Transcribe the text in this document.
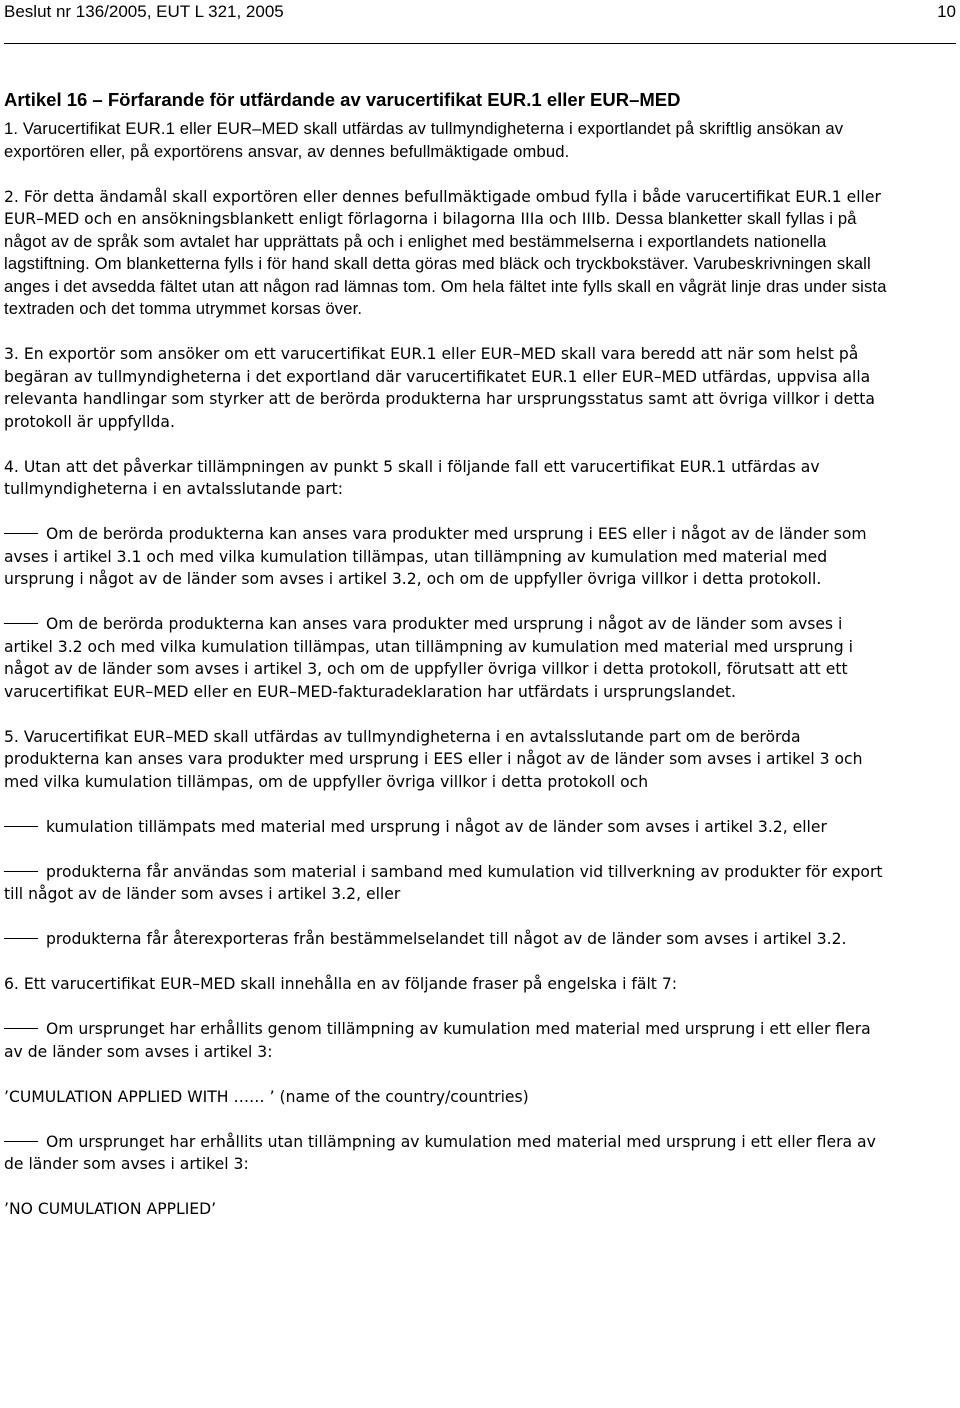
Beslut nr 136/2005, EUT L 321, 2005	10
Artikel 16 – Förfarande för utfärdande av varucertifikat EUR.1 eller EUR–MED

1. Varucertifikat EUR.1 eller EUR–MED skall utfärdas av tullmyndigheterna i exportlandet på skriftlig ansökan av exportören eller, på exportörens ansvar, av dennes befullmäktigade ombud.

2. För detta ändamål skall exportören eller dennes befullmäktigade ombud fylla i både varucertifikat EUR.1 eller EUR–MED och en ansökningsblankett enligt förlagorna i bilagorna IIIa och IIIb. Dessa blanketter skall fyllas i på något av de språk som avtalet har upprättats på och i enlighet med bestämmelserna i exportlandets nationella lagstiftning. Om blanketterna fylls i för hand skall detta göras med bläck och tryckbokstäver. Varubeskrivningen skall anges i det avsedda fältet utan att någon rad lämnas tom. Om hela fältet inte fylls skall en vågrät linje dras under sista textraden och det tomma utrymmet korsas över.

3. En exportör som ansöker om ett varucertifikat EUR.1 eller EUR–MED skall vara beredd att när som helst på begäran av tullmyndigheterna i det exportland där varucertifikatet EUR.1 eller EUR–MED utfärdas, uppvisa alla relevanta handlingar som styrker att de berörda produkterna har ursprungsstatus samt att övriga villkor i detta protokoll är uppfyllda.

4. Utan att det påverkar tillämpningen av punkt 5 skall i följande fall ett varucertifikat EUR.1 utfärdas av tullmyndigheterna i en avtalsslutande part:

Om de berörda produkterna kan anses vara produkter med ursprung i EES eller i något av de länder som avses i artikel 3.1 och med vilka kumulation tillämpas, utan tillämpning av kumulation med material med ursprung i något av de länder som avses i artikel 3.2, och om de uppfyller övriga villkor i detta protokoll.

Om de berörda produkterna kan anses vara produkter med ursprung i något av de länder som avses i artikel 3.2 och med vilka kumulation tillämpas, utan tillämpning av kumulation med material med ursprung i något av de länder som avses i artikel 3, och om de uppfyller övriga villkor i detta protokoll, förutsatt att ett varucertifikat EUR–MED eller en EUR–MED-fakturadeklaration har utfärdats i ursprungslandet.

5. Varucertifikat EUR–MED skall utfärdas av tullmyndigheterna i en avtalsslutande part om de berörda produkterna kan anses vara produkter med ursprung i EES eller i något av de länder som avses i artikel 3 och med vilka kumulation tillämpas, om de uppfyller övriga villkor i detta protokoll och

kumulation tillämpats med material med ursprung i något av de länder som avses i artikel 3.2, eller

produkterna får användas som material i samband med kumulation vid tillverkning av produkter för export till något av de länder som avses i artikel 3.2, eller

produkterna får återexporteras från bestämmelselandet till något av de länder som avses i artikel 3.2.

6. Ett varucertifikat EUR–MED skall innehålla en av följande fraser på engelska i fält 7:

Om ursprunget har erhållits genom tillämpning av kumulation med material med ursprung i ett eller flera av de länder som avses i artikel 3:

’CUMULATION APPLIED WITH …… ’ (name of the country/countries)

Om ursprunget har erhållits utan tillämpning av kumulation med material med ursprung i ett eller flera av de länder som avses i artikel 3:

’NO CUMULATION APPLIED’
